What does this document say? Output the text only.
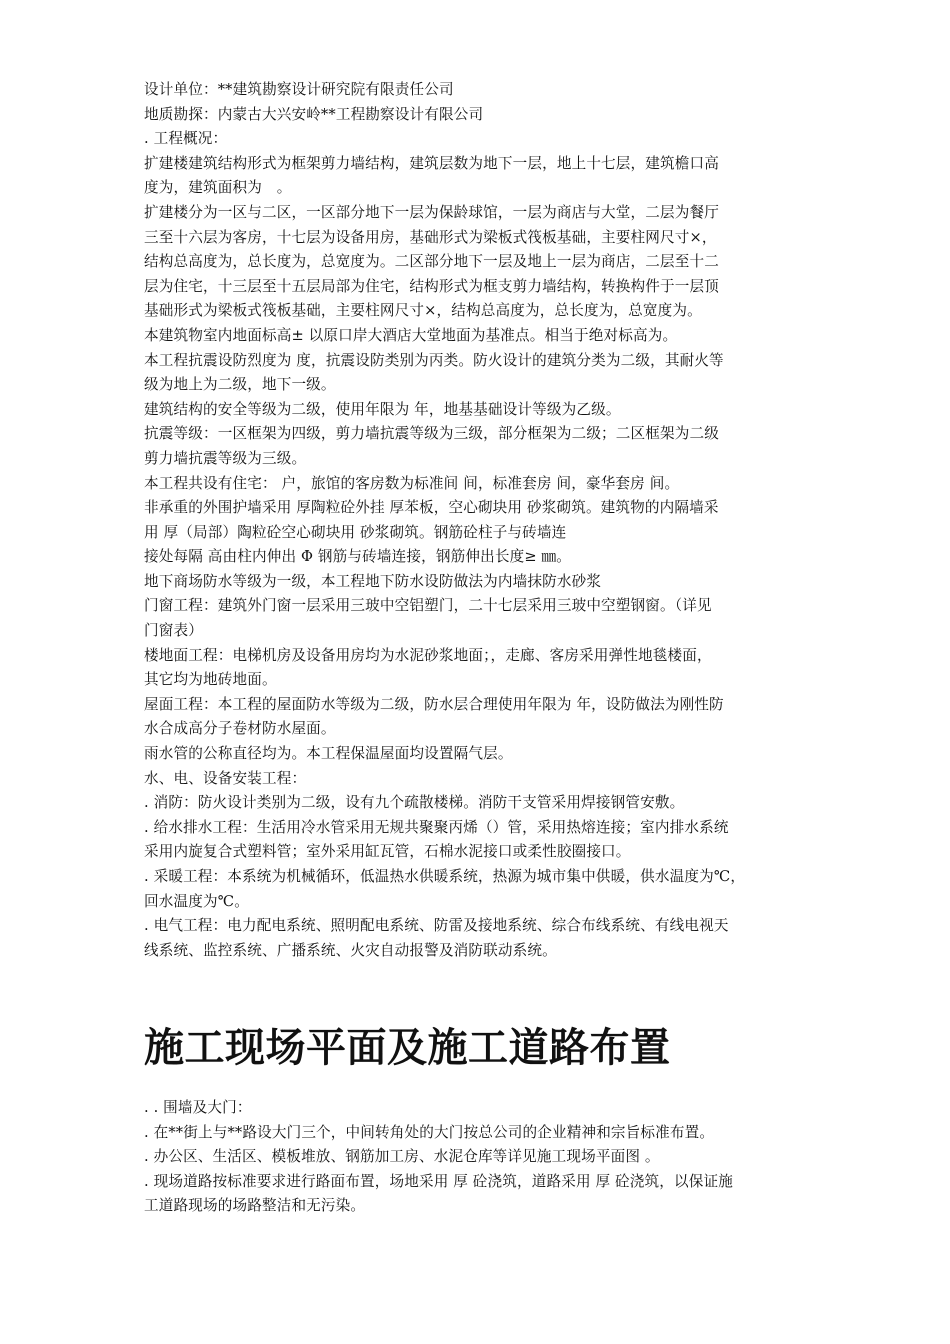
设计单位：**建筑勘察设计研究院有限责任公司
地质勘探：内蒙古大兴安岭**工程勘察设计有限公司
. 工程概况：
扩建楼建筑结构形式为框架剪力墙结构，建筑层数为地下一层，地上十七层，建筑檐口高
度为，建筑面积为　。
扩建楼分为一区与二区，一区部分地下一层为保龄球馆，一层为商店与大堂，二层为餐厅
三至十六层为客房，十七层为设备用房，基础形式为梁板式筏板基础，主要柱网尺寸×，
结构总高度为，总长度为，总宽度为。二区部分地下一层及地上一层为商店，二层至十二
层为住宅，十三层至十五层局部为住宅，结构形式为框支剪力墙结构，转换构件于一层顶
基础形式为梁板式筏板基础，主要柱网尺寸×，结构总高度为，总长度为，总宽度为。
本建筑物室内地面标高± 以原口岸大酒店大堂地面为基准点。相当于绝对标高为。
本工程抗震设防烈度为 度，抗震设防类别为丙类。防火设计的建筑分类为二级，其耐火等
级为地上为二级，地下一级。
建筑结构的安全等级为二级，使用年限为 年，地基基础设计等级为乙级。
抗震等级：一区框架为四级，剪力墙抗震等级为三级，部分框架为二级；二区框架为二级
剪力墙抗震等级为三级。
本工程共设有住宅： 户，旅馆的客房数为标准间 间，标准套房 间，豪华套房 间。
非承重的外围护墙采用 厚陶粒砼外挂 厚苯板，空心砌块用 砂浆砌筑。建筑物的内隔墙采
用 厚（局部）陶粒砼空心砌块用 砂浆砌筑。钢筋砼柱子与砖墙连
接处每隔 高由柱内伸出 Φ 钢筋与砖墙连接，钢筋伸出长度≥ ㎜。
地下商场防水等级为一级，本工程地下防水设防做法为内墙抹防水砂浆
门窗工程：建筑外门窗一层采用三玻中空铝塑门，二十七层采用三玻中空塑钢窗。（详见
门窗表）
楼地面工程：电梯机房及设备用房均为水泥砂浆地面；，走廊、客房采用弹性地毯楼面，
其它均为地砖地面。
屋面工程：本工程的屋面防水等级为二级，防水层合理使用年限为 年，设防做法为刚性防
水合成高分子卷材防水屋面。
雨水管的公称直径均为。本工程保温屋面均设置隔气层。
水、电、设备安装工程：
. 消防：防火设计类别为二级，设有九个疏散楼梯。消防干支管采用焊接钢管安敷。
. 给水排水工程：生活用冷水管采用无规共聚聚丙烯（）管，采用热熔连接；室内排水系统
采用内旋复合式塑料管；室外采用缸瓦管，石棉水泥接口或柔性胶圈接口。
. 采暖工程：本系统为机械循环，低温热水供暖系统，热源为城市集中供暖，供水温度为℃，
回水温度为℃。
. 电气工程：电力配电系统、照明配电系统、防雷及接地系统、综合布线系统、有线电视天
线系统、监控系统、广播系统、火灾自动报警及消防联动系统。
施工现场平面及施工道路布置
. . 围墙及大门：
. 在**街上与**路设大门三个，中间转角处的大门按总公司的企业精神和宗旨标准布置。
. 办公区、生活区、模板堆放、钢筋加工房、水泥仓库等详见施工现场平面图 。
. 现场道路按标准要求进行路面布置，场地采用 厚 砼浇筑，道路采用 厚 砼浇筑，以保证施
工道路现场的场路整洁和无污染。
